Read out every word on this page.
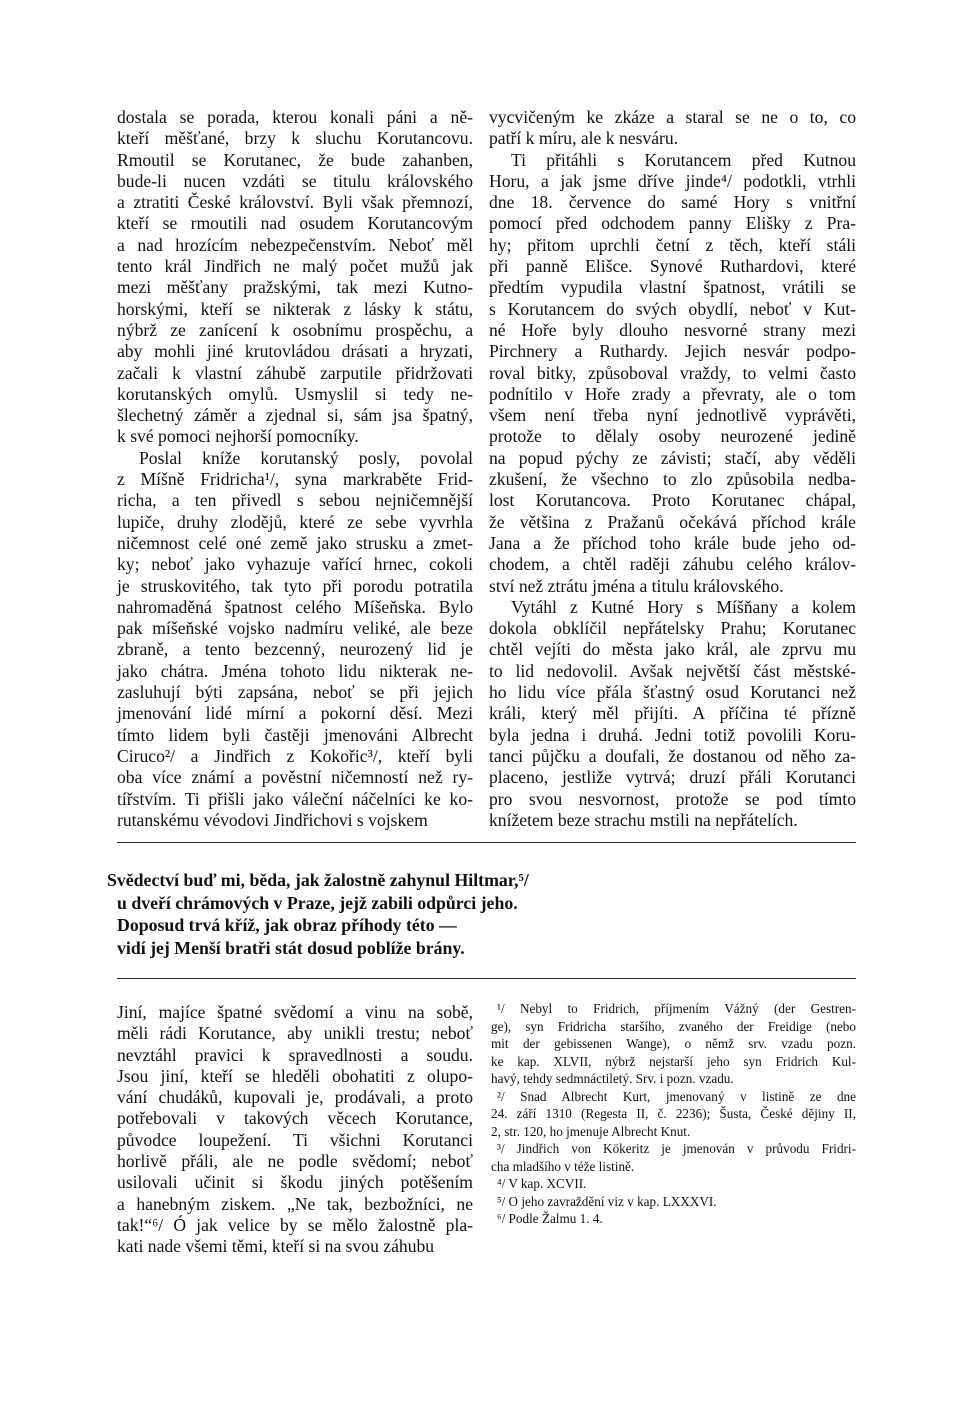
dostala se porada, kterou konali páni a ně-
kteří měšťané, brzy k sluchu Korutancovu.
Rmoutil se Korutanec, že bude zahanben,
bude-li nucen vzdáti se titulu královského
a ztratiti České království. Byli však přemnozí,
kteří se rmoutili nad osudem Korutancovým
a nad hrozícím nebezpečenstvím. Neboť měl
tento král Jindřich ne malý počet mužů jak
mezi měšťany pražskými, tak mezi Kutno-
horskými, kteří se nikterak z lásky k státu,
nýbrž ze zanícení k osobnímu prospěchu, a
aby mohli jiné krutovládou drásati a hryzati,
začali k vlastní záhubě zarputile přidržovati
korutanských omylů. Usmyslil si tedy ne-
šlechetný záměr a zjednal si, sám jsa špatný,
k své pomoci nejhorší pomocníky.
Poslal kníže korutanský posly, povolal
z Míšně Fridricha¹/, syna markraběte Frid-
richa, a ten přivedl s sebou nejničemnější
lupiče, druhy zlodějů, které ze sebe vyvrhla
ničemnost celé oné země jako strusku a zmet-
ky; neboť jako vyhazuje vařící hrnec, cokoli
je struskovitého, tak tyto při porodu potratila
nahromaděná špatnost celého Míšeňska. Bylo
pak míšeňské vojsko nadmíru veliké, ale beze
zbraně, a tento bezcenný, neurozený lid je
jako chátra. Jména tohoto lidu nikterak ne-
zasluhují býti zapsána, neboť se při jejich
jmenování lidé mírní a pokorní děsí. Mezi
tímto lidem byli častěji jmenováni Albrecht
Ciruco²/ a Jindřich z Kokořic³/, kteří byli
oba více známí a pověstní ničemností než ry-
tířstvím. Ti přišli jako váleční náčelníci ke ko-
rutanskému vévodovi Jindřichovi s vojskem
vycvičeným ke zkáze a staral se ne o to, co
patří k míru, ale k nesváru.
Ti přitáhli s Korutancem před Kutnou
Horu, a jak jsme dříve jinde⁴/ podotkli, vtrhli
dne 18. července do samé Hory s vnitřní
pomocí před odchodem panny Elišky z Pra-
hy; přitom uprchli četní z těch, kteří stáli
při panně Elišce. Synové Ruthardovi, které
předtím vypudila vlastní špatnost, vrátili se
s Korutancem do svých obydlí, neboť v Kut-
né Hoře byly dlouho nesvorné strany mezi
Pirchnery a Ruthardy. Jejich nesvár podpo-
roval bitky, způsoboval vraždy, to velmi často
podnítilo v Hoře zrady a převraty, ale o tom
všem není třeba nyní jednotlivě vyprávěti,
protože to dělaly osoby neurozené jedině
na popud pýchy ze závisti; stačí, aby věděli
zkušení, že všechno to zlo způsobila nedba-
lost Korutancova. Proto Korutanec chápal,
že většina z Pražanů očekává příchod krále
Jana a že příchod toho krále bude jeho od-
chodem, a chtěl raději záhubu celého králov-
ství než ztrátu jména a titulu královského.
Vytáhl z Kutné Hory s Míšňany a kolem
dokola obklíčil nepřátelsky Prahu; Korutanec
chtěl vejíti do města jako král, ale zprvu mu
to lid nedovolil. Avšak největší část městské-
ho lidu více přála šťastný osud Korutanci než
králi, který měl přijíti. A příčina té přízně
byla jedna i druhá. Jedni totiž povolili Koru-
tanci půjčku a doufali, že dostanou od něho za-
placeno, jestliže vytrvá; druzí přáli Korutanci
pro svou nesvornost, protože se pod tímto
knížetem beze strachu mstili na nepřátelích.
Svědectví buď mi, běda, jak žalostně zahynul Hiltmar,⁵/
u dveří chrámových v Praze, jejž zabili odpůrci jeho.
Doposud trvá kříž, jak obraz příhody této —
vidí jej Menší bratři stát dosud poblíže brány.
Jiní, majíce špatné svědomí a vinu na sobě,
měli rádi Korutance, aby unikli trestu; neboť
nevztáhl pravici k spravedlnosti a soudu.
Jsou jiní, kteří se hleděli obohatiti z olupo-
vání chudáků, kupovali je, prodávali, a proto
potřebovali v takových věcech Korutance,
původce loupežení. Ti všichni Korutanci
horlivě přáli, ale ne podle svědomí; neboť
usilovali učinit si škodu jiných potěšením
a hanebným ziskem. „Ne tak, bezbožníci, ne
tak!“⁶/ Ó jak velice by se mělo žalostně pla-
kati nade všemi těmi, kteří si na svou záhubu
¹/ Nebyl to Fridrich, příjmením Vážný (der Gestren-
ge), syn Fridricha staršího, zvaného der Freidige (nebo
mit der gebissenen Wange), o němž srv. vzadu pozn.
ke kap. XLVII, nýbrž nejstarší jeho syn Fridrich Kul-
havý, tehdy sedmnáctiletý. Srv. i pozn. vzadu.
²/ Snad Albrecht Kurt, jmenovaný v listině ze dne
24. září 1310 (Regesta II, č. 2236); Šusta, České dějiny II,
2, str. 120, ho jmenuje Albrecht Knut.
³/ Jindřich von Kökeritz je jmenován v průvodu Fridri-
cha mladšího v téže listině.
⁴/ V kap. XCVII.
⁵/ O jeho zavraždění viz v kap. LXXXVI.
⁶/ Podle Žalmu 1. 4.
